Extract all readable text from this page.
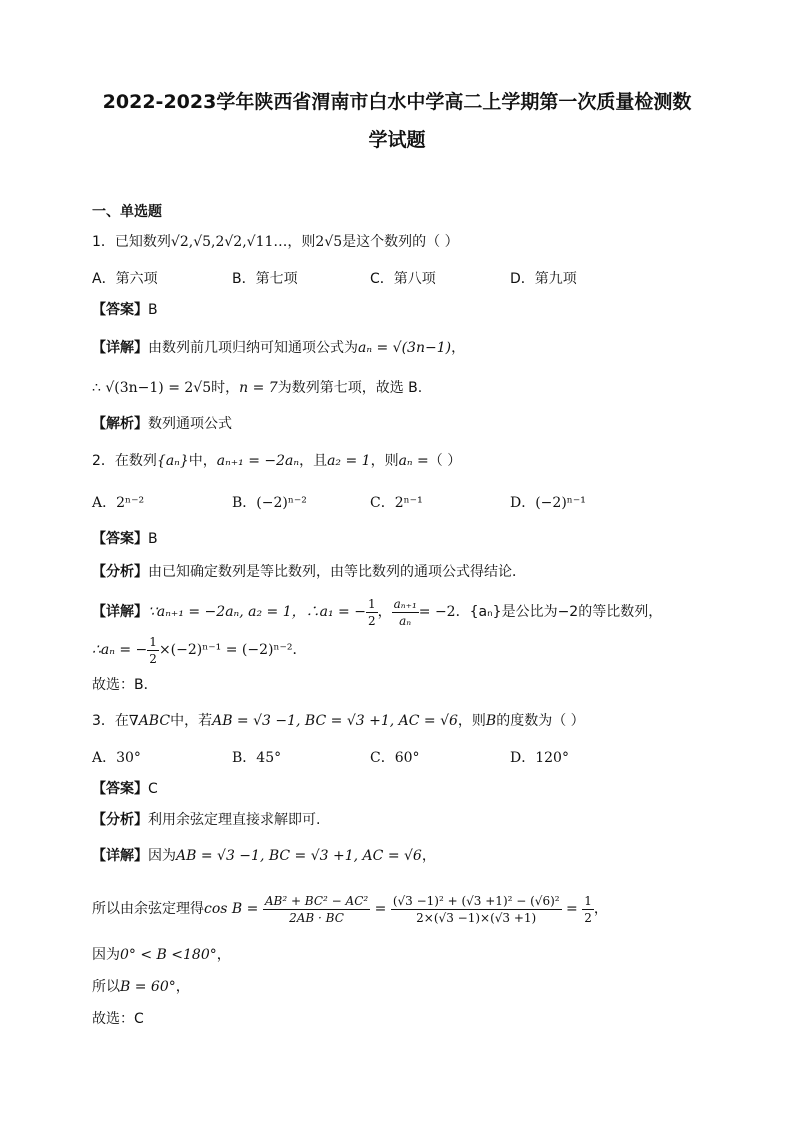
2022-2023学年陕西省渭南市白水中学高二上学期第一次质量检测数
学试题
一、单选题
1．已知数列√2,√5,2√2,√11…，则2√5是这个数列的（ ）
A．第六项	B．第七项	C．第八项	D．第九项
【答案】B
【详解】由数列前几项归纳可知通项公式为aₙ = √(3n−1)，
∴ √(3n−1) = 2√5时，n = 7为数列第七项，故选 B.
【解析】数列通项公式
2．在数列{aₙ}中，aₙ₊₁ = −2aₙ，且a₂ = 1，则aₙ =（ ）
A．2ⁿ⁻²	B．(−2)ⁿ⁻²	C．2ⁿ⁻¹	D．(−2)ⁿ⁻¹
【答案】B
【分析】由已知确定数列是等比数列，由等比数列的通项公式得结论．
【详解】∵aₙ₊₁ = −2aₙ, a₂ = 1，∴a₁ = − $\frac{1}{2}$ ， $\frac{\text{aₙ₊₁}}{\text{aₙ}} = -2$．{aₙ}是公比为−2的等比数列，
∴aₙ = − $\frac{1}{2} \times(-2)^{n-1} = (-2)^{n-2}$．
故选：B．
3．在∇ABC中，若AB = √3 −1, BC = √3 +1, AC = √6，则B的度数为（ ）
A．30°	B．45°	C．60°	D．120°
【答案】C
【分析】利用余弦定理直接求解即可.
【详解】因为AB = √3 −1, BC = √3 +1, AC = √6，
所以由余弦定理得$\cos B = \frac{\text{AB² + BC² − AC²}}{2AB \cdot BC} = \frac{\text{(√3 −1)² + (√3 +1)² − (√6)²}}{2\times(√3 -1)\times(√3 +1)} = \frac{1}{2}$ ，
因为0° < B <180°，
所以B = 60°，
故选：C
